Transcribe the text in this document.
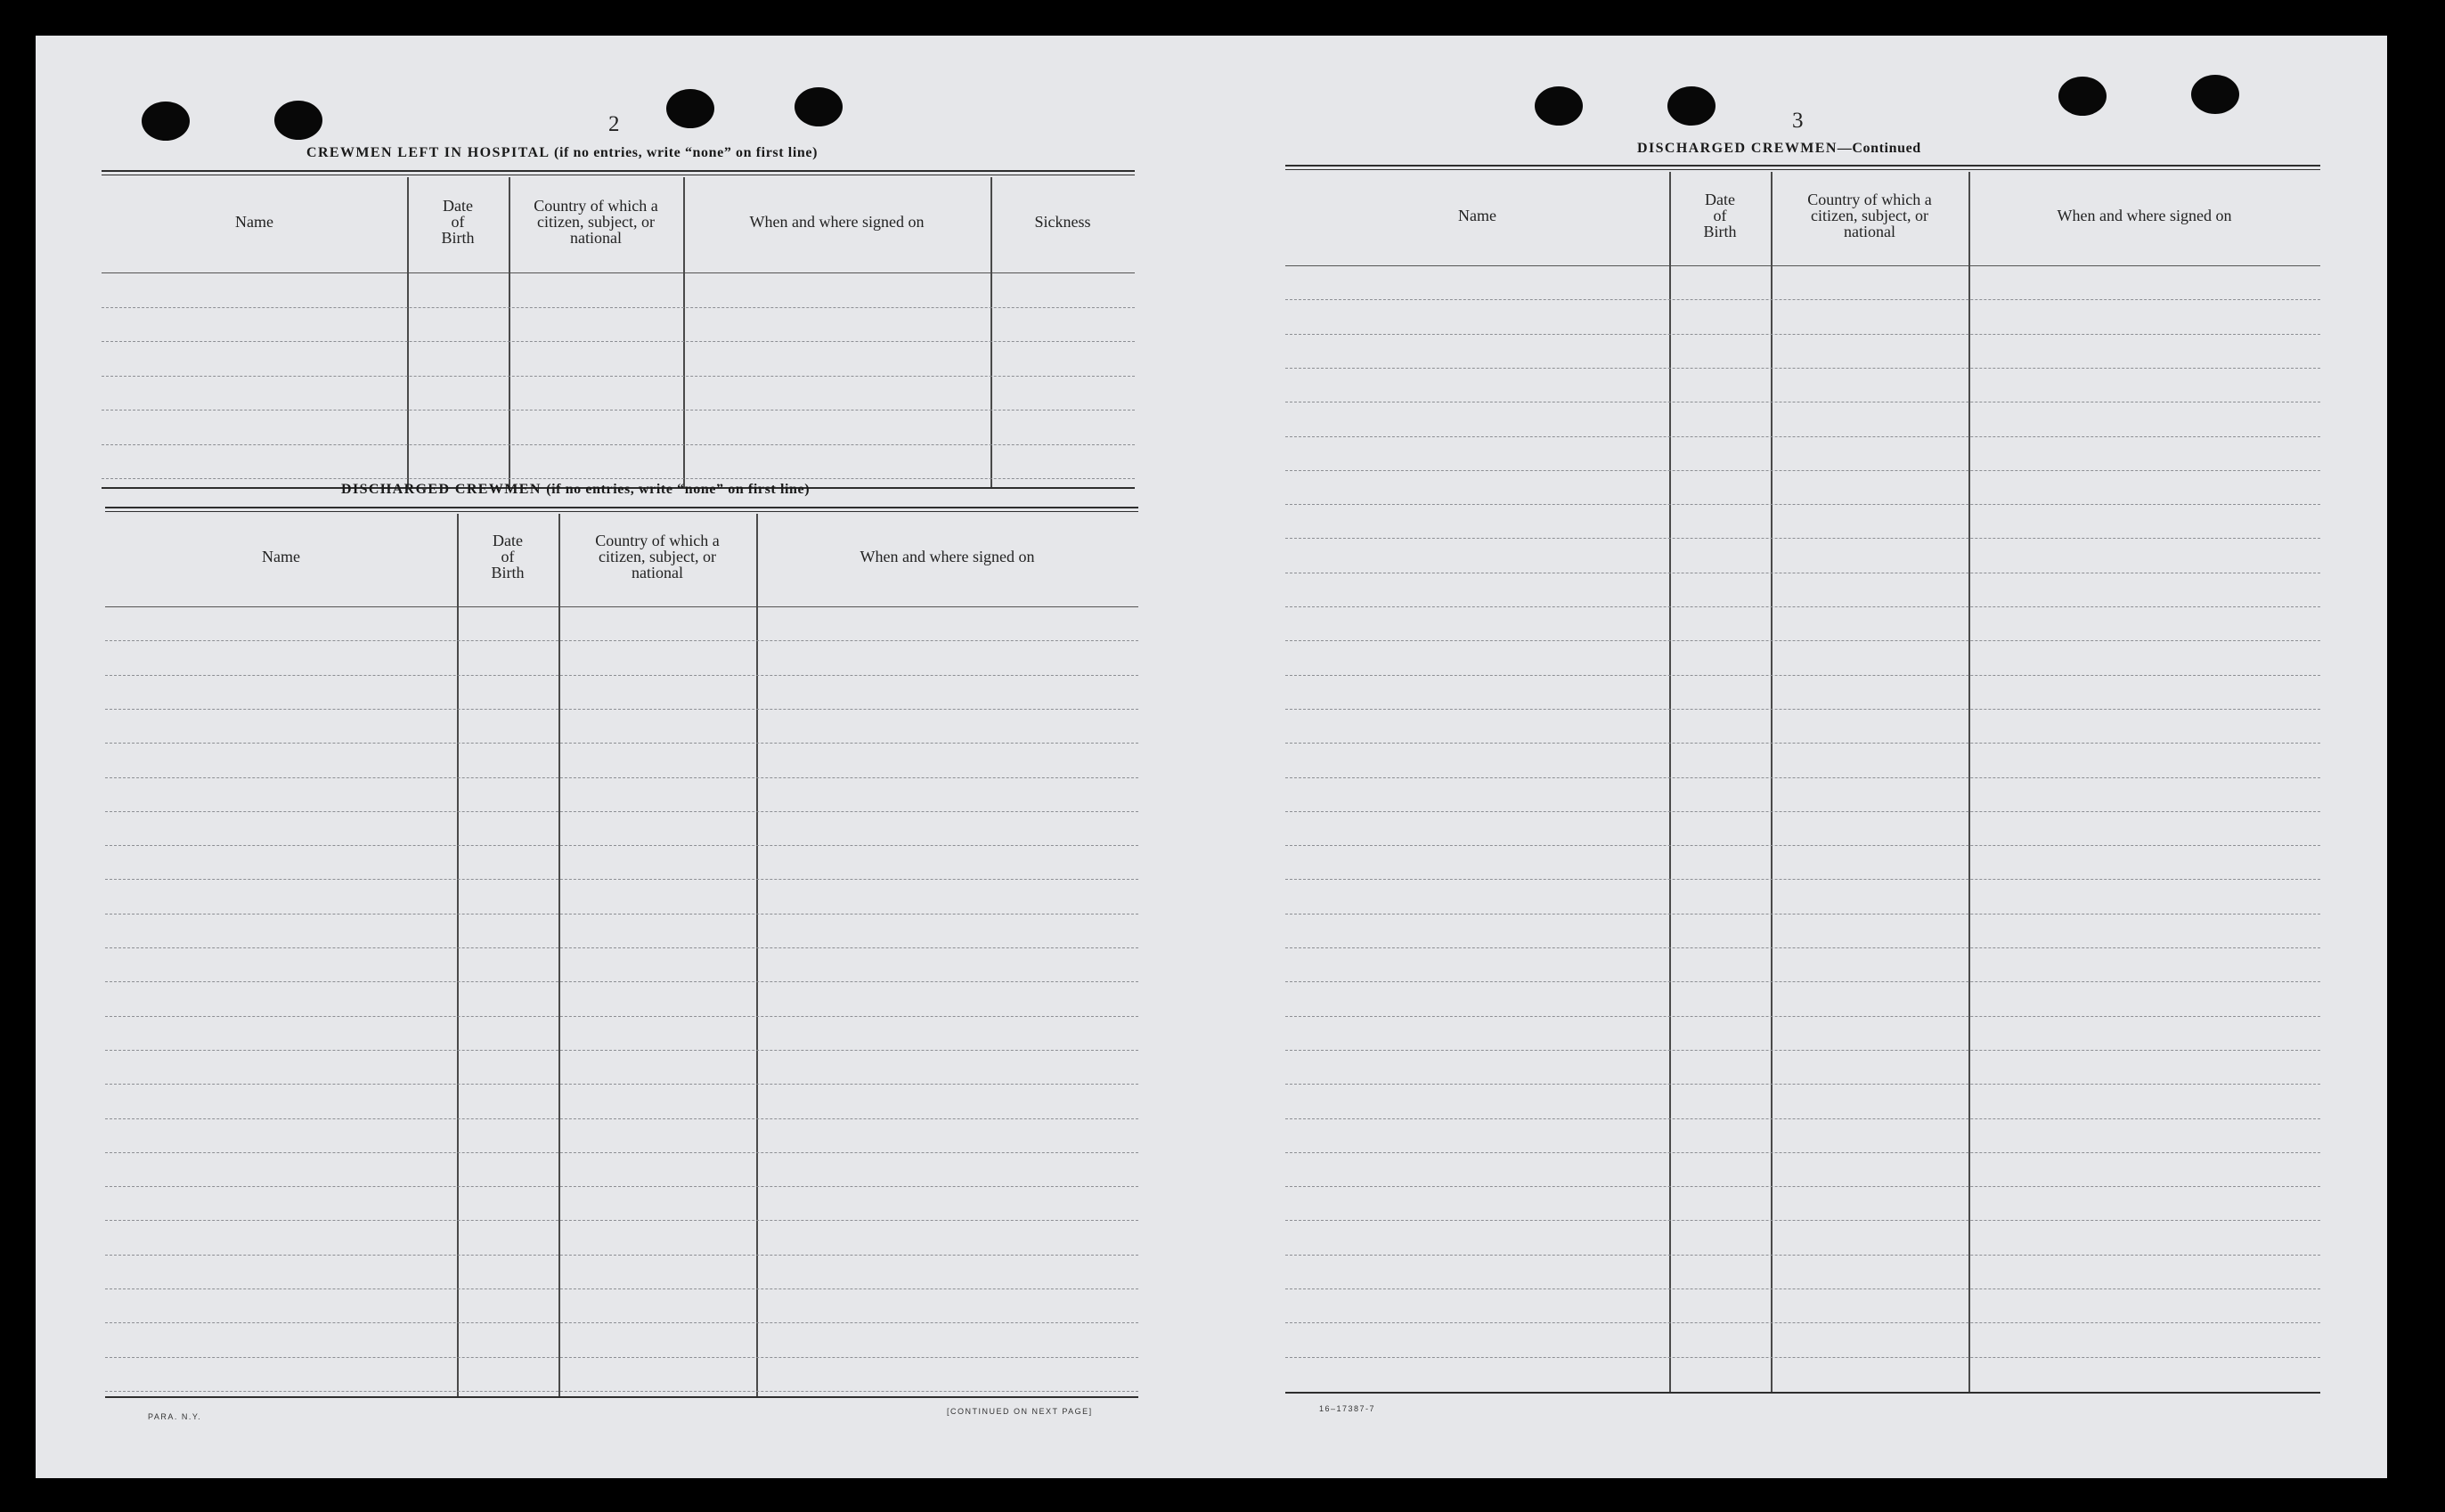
2
CREWMEN LEFT IN HOSPITAL (if no entries, write “none” on first line)
Name
Date
of
Birth
Country of which a
citizen, subject, or
national
When and where signed on	Sickness
DISCHARGED CREWMEN (if no entries, write “none” on first line)
Name
Date
of
Birth
Country of which a
citizen, subject, or
national
When and where signed on
PARA. N.Y.
[CONTINUED ON NEXT PAGE]
3
DISCHARGED CREWMEN—Continued
Name
Date
of
Birth
Country of which a
citizen, subject, or
national
When and where signed on
16–17387-7
